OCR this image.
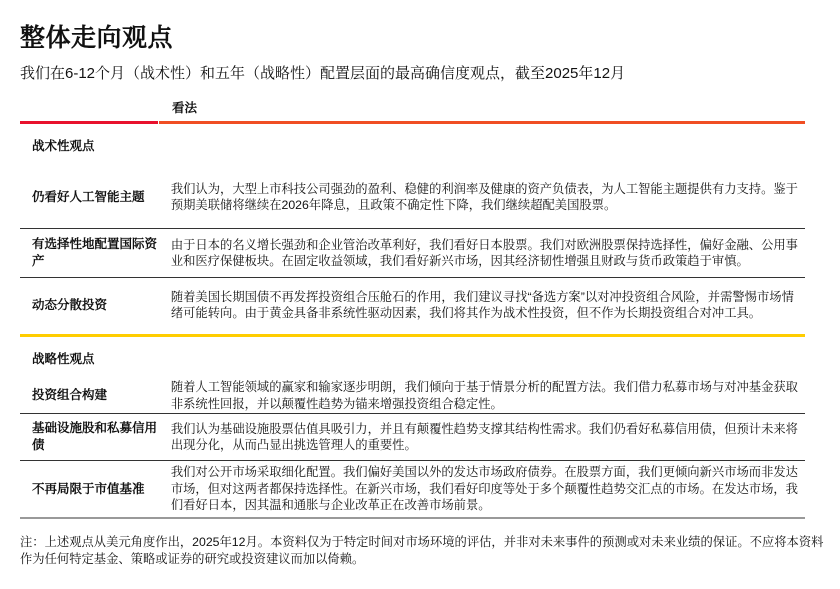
整体走向观点
我们在6-12个月（战术性）和五年（战略性）配置层面的最高确信度观点，截至2025年12月
看法
战术性观点
仍看好人工智能主题
我们认为，大型上市科技公司强劲的盈利、稳健的利润率及健康的资产负债表，为人工智能主题提供有力支持。鉴于预期美联储将继续在2026年降息，且政策不确定性下降，我们继续超配美国股票。
有选择性地配置国际资产
由于日本的名义增长强劲和企业管治改革利好，我们看好日本股票。我们对欧洲股票保持选择性，偏好金融、公用事业和医疗保健板块。在固定收益领域，我们看好新兴市场，因其经济韧性增强且财政与货币政策趋于审慎。
动态分散投资
随着美国长期国债不再发挥投资组合压舱石的作用，我们建议寻找“备选方案”以对冲投资组合风险，并需警惕市场情绪可能转向。由于黄金具备非系统性驱动因素，我们将其作为战术性投资，但不作为长期投资组合对冲工具。
战略性观点
投资组合构建
随着人工智能领域的赢家和输家逐步明朗，我们倾向于基于情景分析的配置方法。我们借力私募市场与对冲基金获取非系统性回报，并以颠覆性趋势为锚来增强投资组合稳定性。
基础设施股和私募信用债
我们认为基础设施股票估值具吸引力，并且有颠覆性趋势支撑其结构性需求。我们仍看好私募信用债，但预计未来将出现分化，从而凸显出挑选管理人的重要性。
不再局限于市值基准
我们对公开市场采取细化配置。我们偏好美国以外的发达市场政府债券。在股票方面，我们更倾向新兴市场而非发达市场，但对这两者都保持选择性。在新兴市场，我们看好印度等处于多个颠覆性趋势交汇点的市场。在发达市场，我们看好日本，因其温和通胀与企业改革正在改善市场前景。
注：上述观点从美元角度作出，2025年12月。本资料仅为于特定时间对市场环境的评估，并非对未来事件的预测或对未来业绩的保证。不应将本资料作为任何特定基金、策略或证券的研究或投资建议而加以倚赖。
